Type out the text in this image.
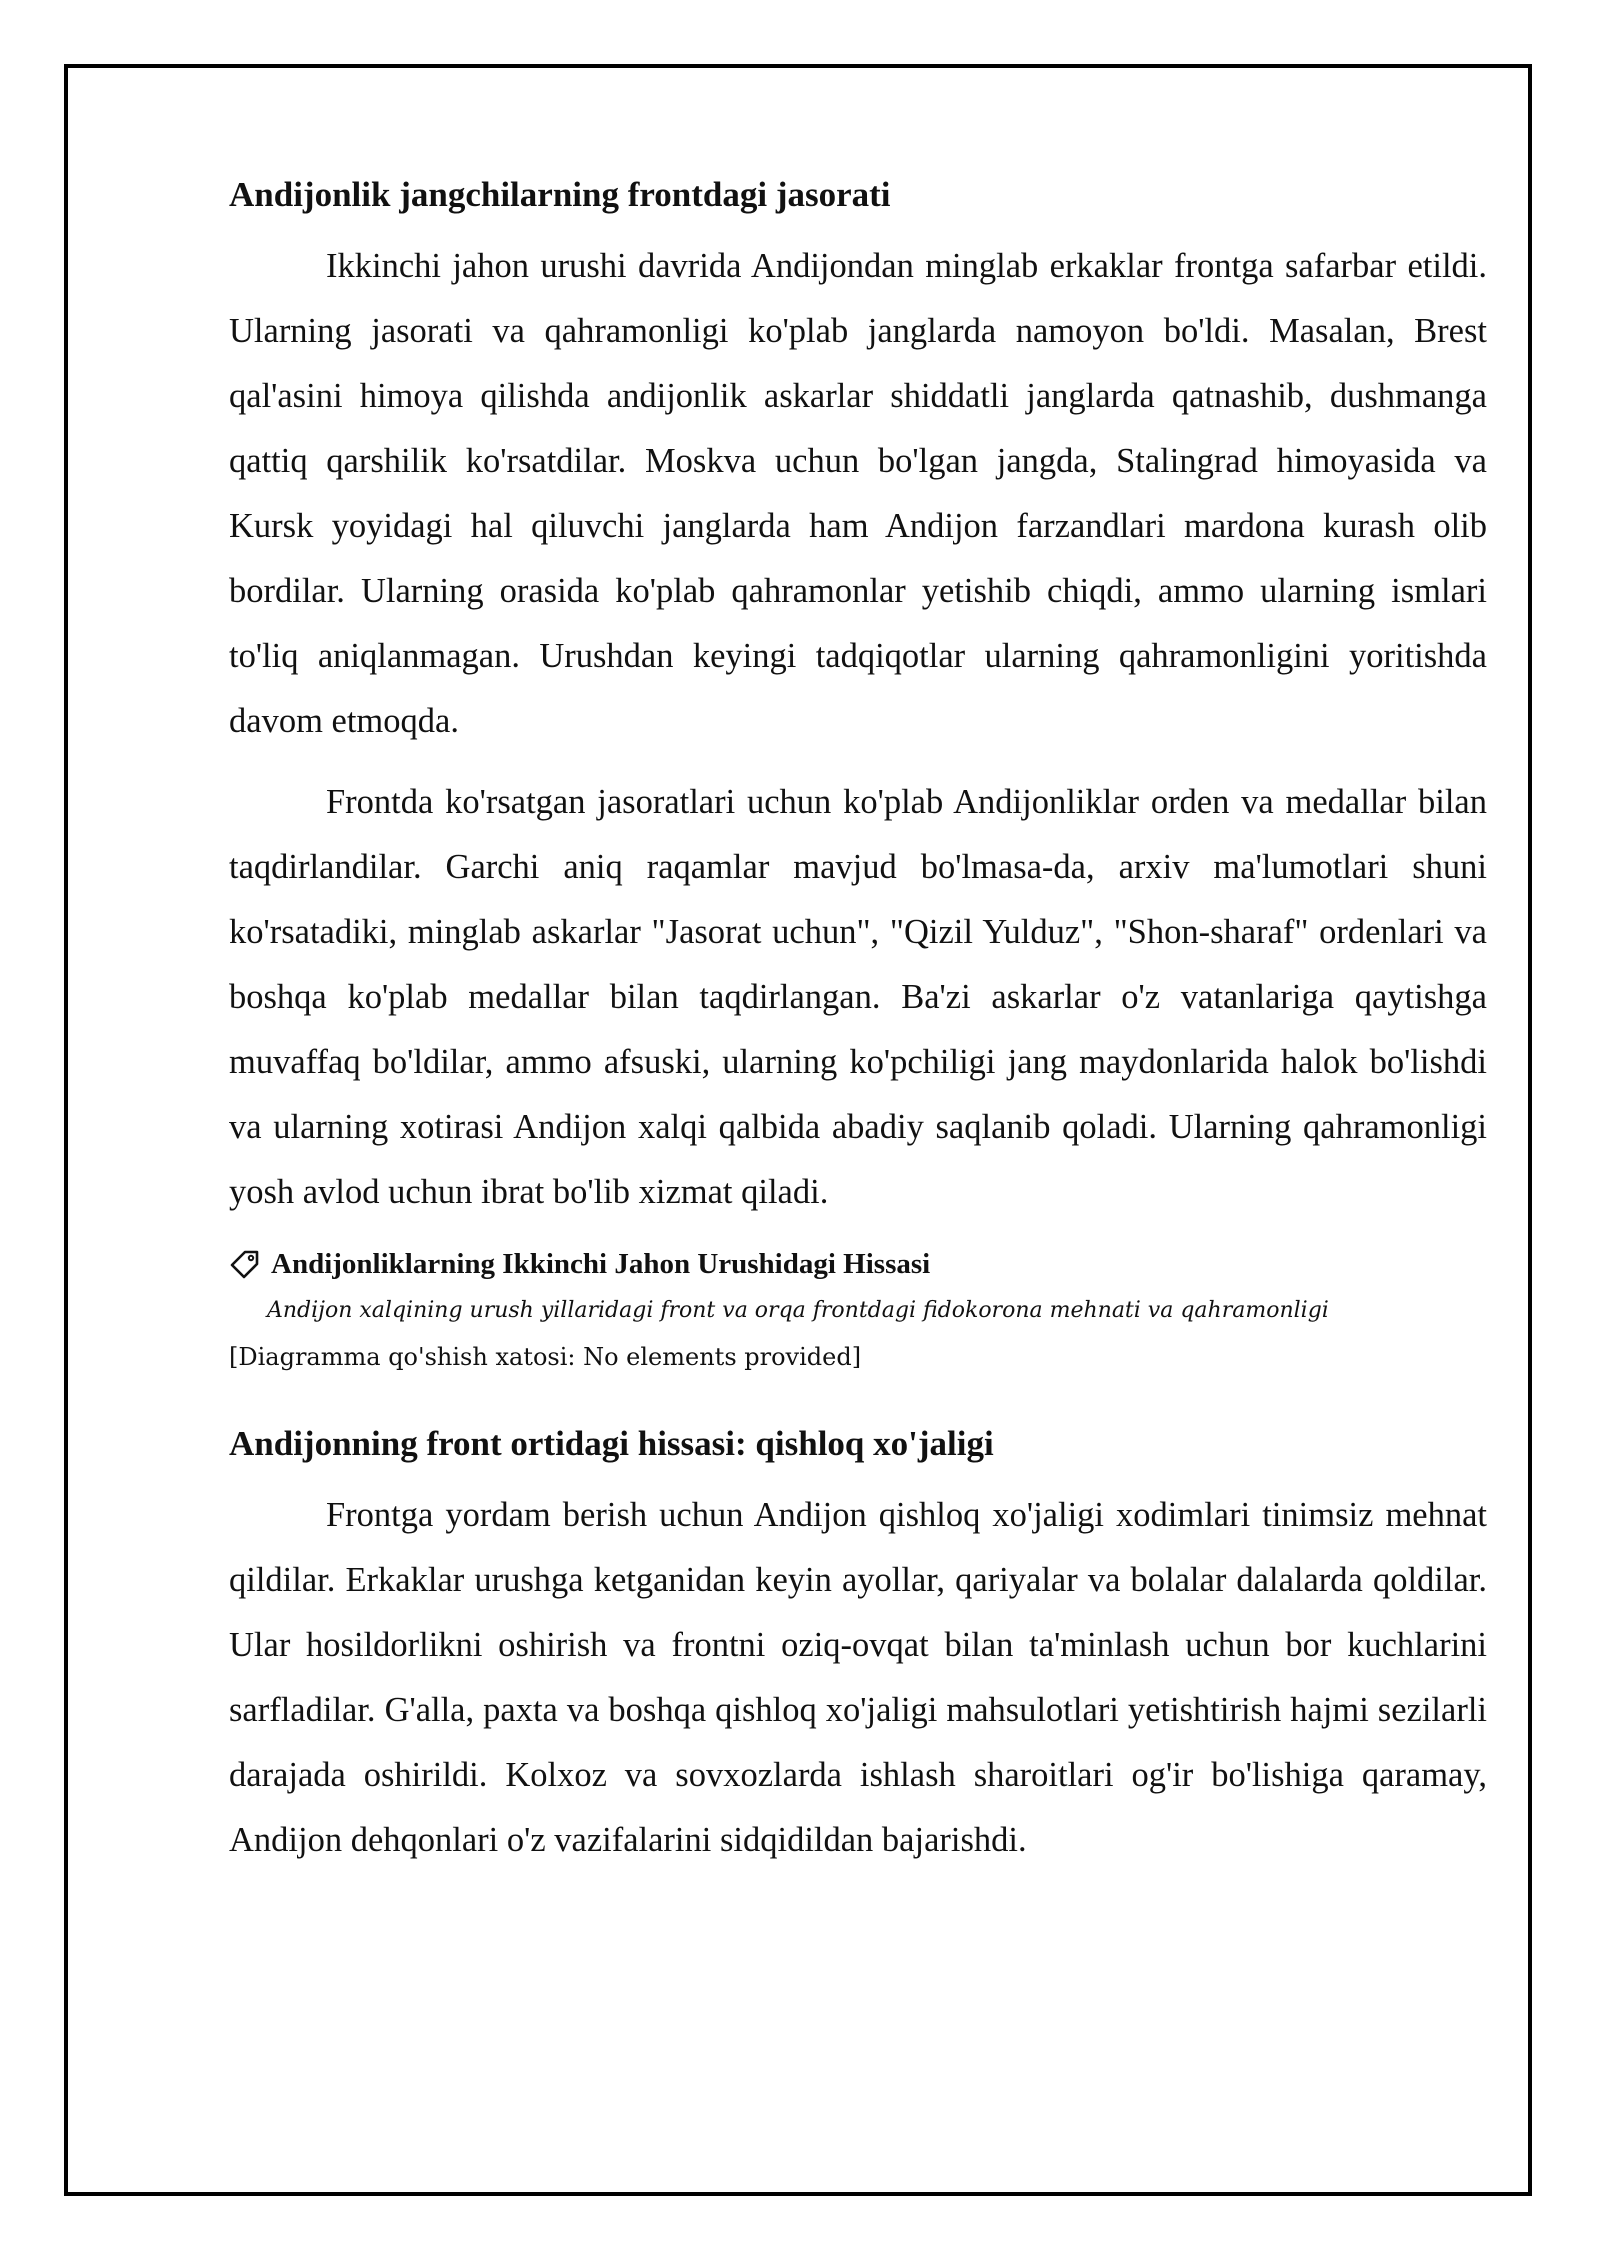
Andijonlik jangchilarning frontdagi jasorati

Ikkinchi jahon urushi davrida Andijondan minglab erkaklar frontga safarbar etildi. Ularning jasorati va qahramonligi ko'plab janglarda namoyon bo'ldi. Masalan, Brest qal'asini himoya qilishda andijonlik askarlar shiddatli janglarda qatnashib, dushmanga qattiq qarshilik ko'rsatdilar. Moskva uchun bo'lgan jangda, Stalingrad himoyasida va Kursk yoyidagi hal qiluvchi janglarda ham Andijon farzandlari mardona kurash olib bordilar. Ularning orasida ko'plab qahramonlar yetishib chiqdi, ammo ularning ismlari to'liq aniqlanmagan. Urushdan keyingi tadqiqotlar ularning qahramonligini yoritishda davom etmoqda.

Frontda ko'rsatgan jasoratlari uchun ko'plab Andijonliklar orden va medallar bilan taqdirlandilar. Garchi aniq raqamlar mavjud bo'lmasa-da, arxiv ma'lumotlari shuni ko'rsatadiki, minglab askarlar "Jasorat uchun", "Qizil Yulduz", "Shon-sharaf" ordenlari va boshqa ko'plab medallar bilan taqdirlangan. Ba'zi askarlar o'z vatanlariga qaytishga muvaffaq bo'ldilar, ammo afsuski, ularning ko'pchiligi jang maydonlarida halok bo'lishdi va ularning xotirasi Andijon xalqi qalbida abadiy saqlanib qoladi. Ularning qahramonligi yosh avlod uchun ibrat bo'lib xizmat qiladi.

Andijonliklarning Ikkinchi Jahon Urushidagi Hissasi
Andijon xalqining urush yillaridagi front va orqa frontdagi fidokorona mehnati va qahramonligi
[Diagramma qo'shish xatosi: No elements provided]
Andijonning front ortidagi hissasi: qishloq xo'jaligi

Frontga yordam berish uchun Andijon qishloq xo'jaligi xodimlari tinimsiz mehnat qildilar. Erkaklar urushga ketganidan keyin ayollar, qariyalar va bolalar dalalarda qoldilar. Ular hosildorlikni oshirish va frontni oziq-ovqat bilan ta'minlash uchun bor kuchlarini sarfladilar. G'alla, paxta va boshqa qishloq xo'jaligi mahsulotlari yetishtirish hajmi sezilarli darajada oshirildi. Kolxoz va sovxozlarda ishlash sharoitlari og'ir bo'lishiga qaramay, Andijon dehqonlari o'z vazifalarini sidqidildan bajarishdi.
